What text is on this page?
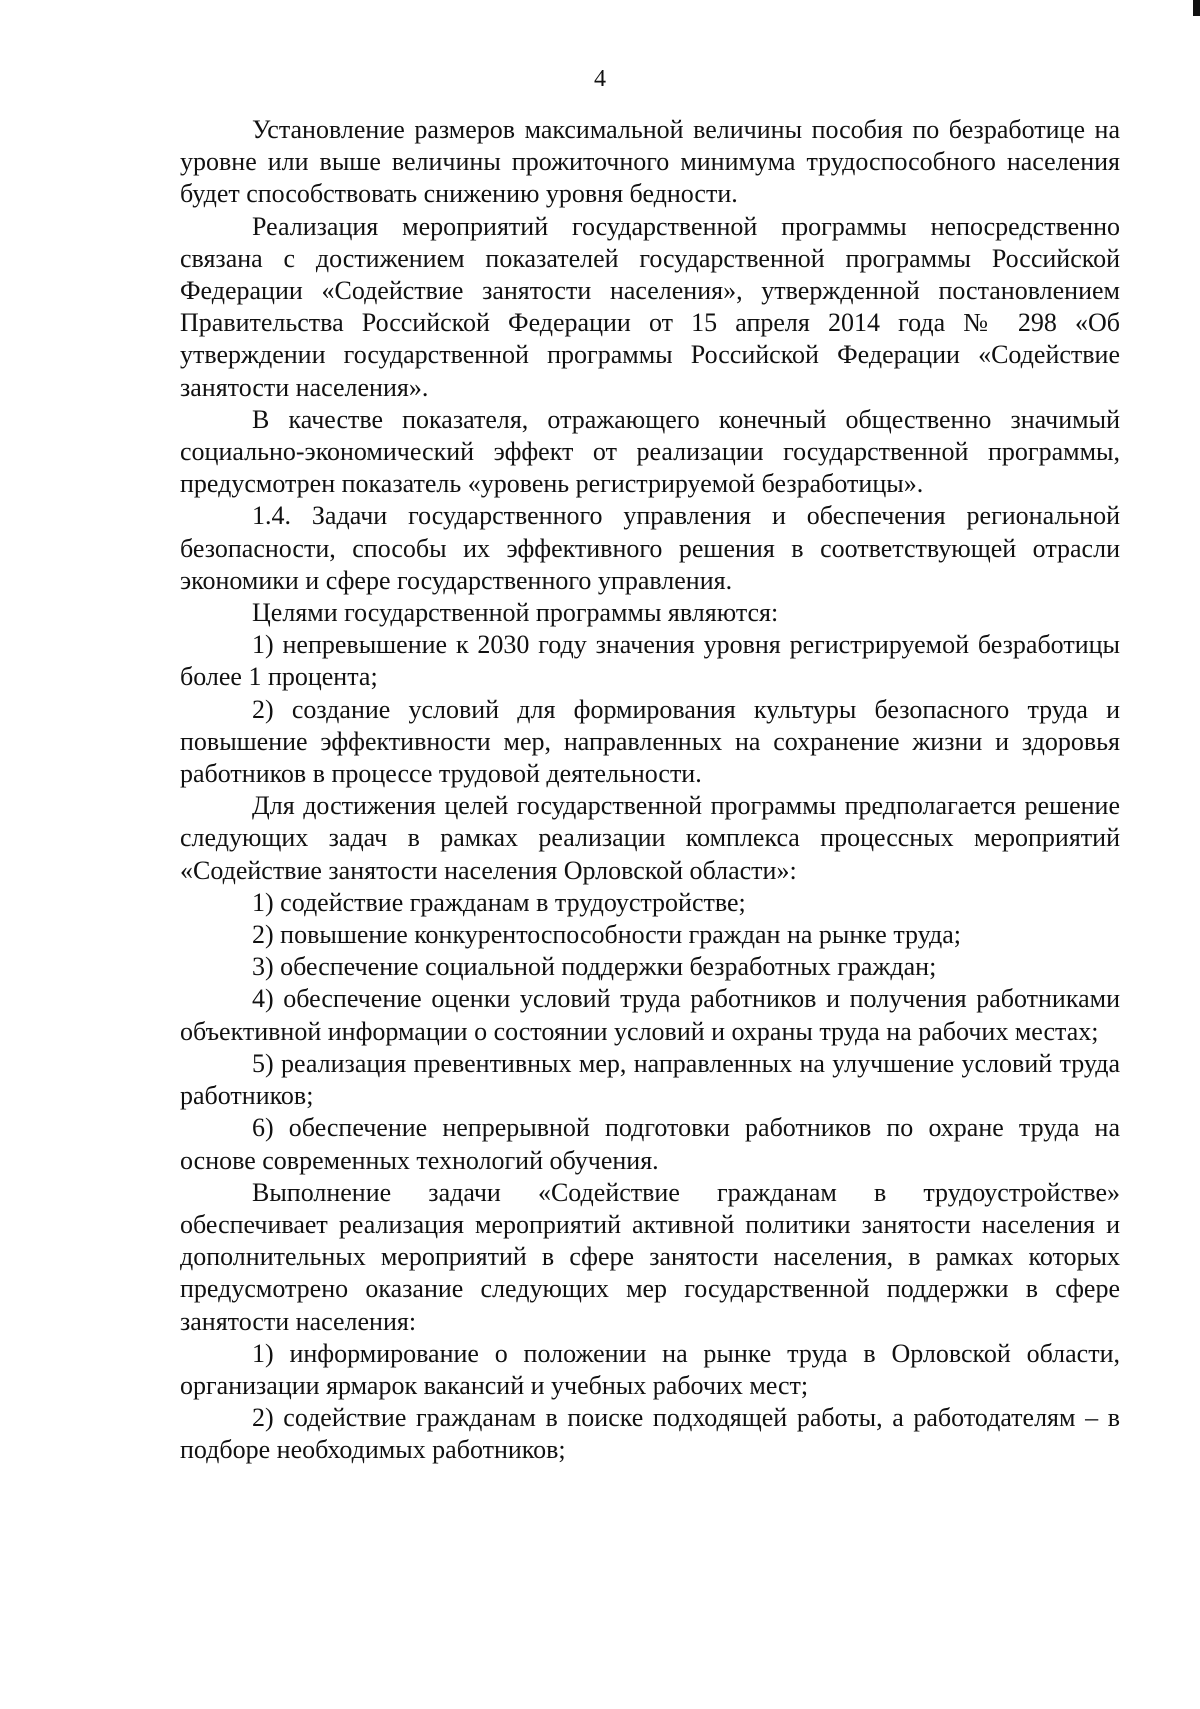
4

Установление размеров максимальной величины пособия по безработице на уровне или выше величины прожиточного минимума трудоспособного населения будет способствовать снижению уровня бедности.

Реализация мероприятий государственной программы непосредственно связана с достижением показателей государственной программы Российской Федерации «Содействие занятости населения», утвержденной постановлением Правительства Российской Федерации от 15 апреля 2014 года № 298 «Об утверждении государственной программы Российской Федерации «Содействие занятости населения».

В качестве показателя, отражающего конечный общественно значимый социально-экономический эффект от реализации государственной программы, предусмотрен показатель «уровень регистрируемой безработицы».

1.4. Задачи государственного управления и обеспечения региональной безопасности, способы их эффективного решения в соответствующей отрасли экономики и сфере государственного управления.

Целями государственной программы являются:

1) непревышение к 2030 году значения уровня регистрируемой безработицы более 1 процента;

2) создание условий для формирования культуры безопасного труда и повышение эффективности мер, направленных на сохранение жизни и здоровья работников в процессе трудовой деятельности.

Для достижения целей государственной программы предполагается решение следующих задач в рамках реализации комплекса процессных мероприятий «Содействие занятости населения Орловской области»:

1) содействие гражданам в трудоустройстве;

2) повышение конкурентоспособности граждан на рынке труда;

3) обеспечение социальной поддержки безработных граждан;

4) обеспечение оценки условий труда работников и получения работниками объективной информации о состоянии условий и охраны труда на рабочих местах;

5) реализация превентивных мер, направленных на улучшение условий труда работников;

6) обеспечение непрерывной подготовки работников по охране труда на основе современных технологий обучения.

Выполнение задачи «Содействие гражданам в трудоустройстве» обеспечивает реализация мероприятий активной политики занятости населения и дополнительных мероприятий в сфере занятости населения, в рамках которых предусмотрено оказание следующих мер государственной поддержки в сфере занятости населения:

1) информирование о положении на рынке труда в Орловской области, организации ярмарок вакансий и учебных рабочих мест;

2) содействие гражданам в поиске подходящей работы, а работодателям – в подборе необходимых работников;
